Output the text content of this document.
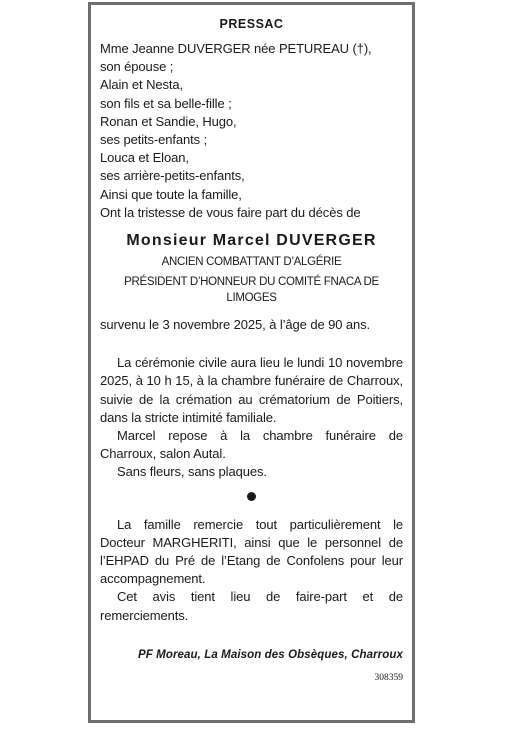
PRESSAC
Mme Jeanne DUVERGER née PETUREAU (†),
son épouse ;
Alain et Nesta,
son fils et sa belle-fille ;
Ronan et Sandie, Hugo,
ses petits-enfants ;
Louca et Eloan,
ses arrière-petits-enfants,
Ainsi que toute la famille,
Ont la tristesse de vous faire part du décès de
Monsieur Marcel DUVERGER
ANCIEN COMBATTANT D’ALGÉRIE
PRÉSIDENT D’HONNEUR DU COMITÉ FNACA DE LIMOGES
survenu le 3 novembre 2025, à l’âge de 90 ans.
La cérémonie civile aura lieu le lundi 10 novembre 2025, à 10 h 15, à la chambre funéraire de Charroux, suivie de la crémation au crématorium de Poitiers, dans la stricte intimité familiale.
Marcel repose à la chambre funéraire de Charroux, salon Autal.
Sans fleurs, sans plaques.
La famille remercie tout particulièrement le Docteur MARGHERITI, ainsi que le personnel de l’EHPAD du Pré de l’Etang de Confolens pour leur accompagnement.
Cet avis tient lieu de faire-part et de remerciements.
PF Moreau, La Maison des Obsèques, Charroux
308359
